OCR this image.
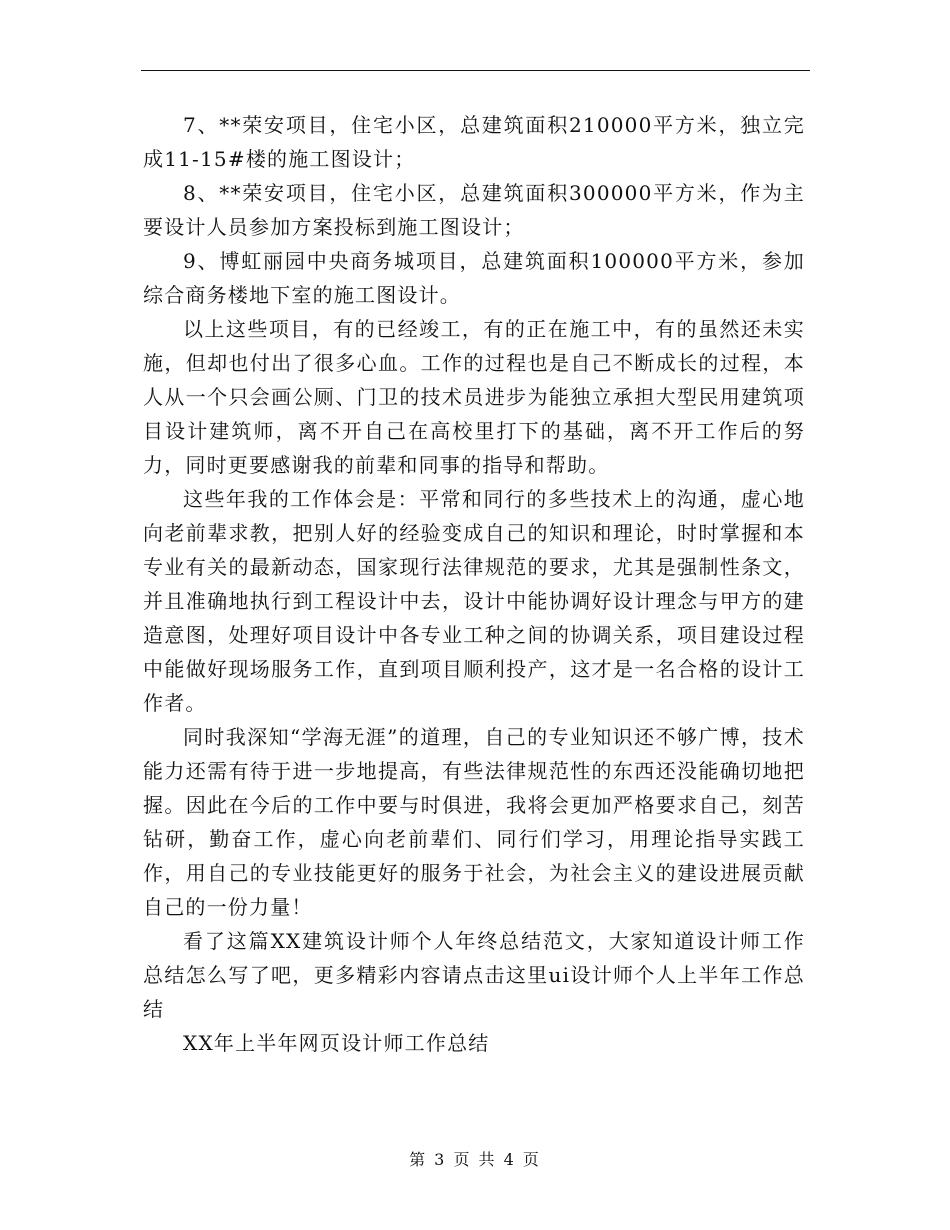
7、**荣安项目，住宅小区，总建筑面积210000平方米，独立完成11-15#楼的施工图设计；

8、**荣安项目，住宅小区，总建筑面积300000平方米，作为主要设计人员参加方案投标到施工图设计；

9、博虹丽园中央商务城项目，总建筑面积100000平方米，参加综合商务楼地下室的施工图设计。

以上这些项目，有的已经竣工，有的正在施工中，有的虽然还未实施，但却也付出了很多心血。工作的过程也是自己不断成长的过程，本人从一个只会画公厕、门卫的技术员进步为能独立承担大型民用建筑项目设计建筑师，离不开自己在高校里打下的基础，离不开工作后的努力，同时更要感谢我的前辈和同事的指导和帮助。

这些年我的工作体会是：平常和同行的多些技术上的沟通，虚心地向老前辈求教，把别人好的经验变成自己的知识和理论，时时掌握和本专业有关的最新动态，国家现行法律规范的要求，尤其是强制性条文，并且准确地执行到工程设计中去，设计中能协调好设计理念与甲方的建造意图，处理好项目设计中各专业工种之间的协调关系，项目建设过程中能做好现场服务工作，直到项目顺利投产，这才是一名合格的设计工作者。

同时我深知“学海无涯”的道理，自己的专业知识还不够广博，技术能力还需有待于进一步地提高，有些法律规范性的东西还没能确切地把握。因此在今后的工作中要与时俱进，我将会更加严格要求自己，刻苦钻研，勤奋工作，虚心向老前辈们、同行们学习，用理论指导实践工作，用自己的专业技能更好的服务于社会，为社会主义的建设进展贡献自己的一份力量！

看了这篇XX建筑设计师个人年终总结范文，大家知道设计师工作总结怎么写了吧，更多精彩内容请点击这里ui设计师个人上半年工作总结

XX年上半年网页设计师工作总结

第 3 页 共 4 页
